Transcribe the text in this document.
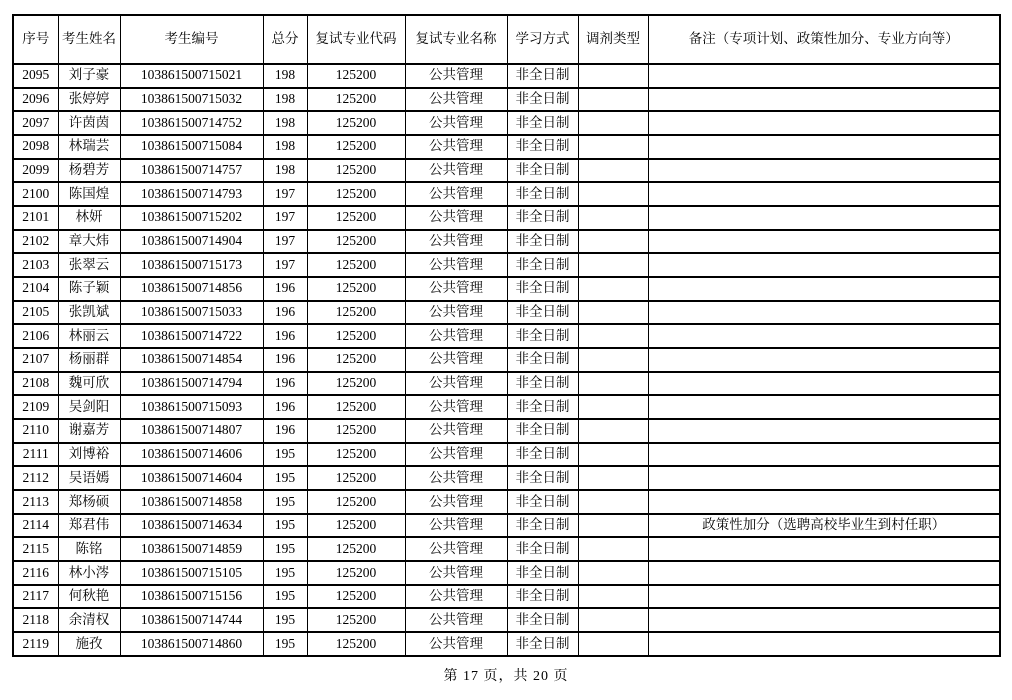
序号	考生姓名	考生编号	总分	复试专业代码	复试专业名称	学习方式	调剂类型	备注（专项计划、政策性加分、专业方向等）
2095	刘子豪	103861500715021	198	125200	公共管理	非全日制		
2096	张婷婷	103861500715032	198	125200	公共管理	非全日制		
2097	许茵茵	103861500714752	198	125200	公共管理	非全日制		
2098	林瑞芸	103861500715084	198	125200	公共管理	非全日制		
2099	杨碧芳	103861500714757	198	125200	公共管理	非全日制		
2100	陈国煌	103861500714793	197	125200	公共管理	非全日制		
2101	林妍	103861500715202	197	125200	公共管理	非全日制		
2102	章大炜	103861500714904	197	125200	公共管理	非全日制		
2103	张翠云	103861500715173	197	125200	公共管理	非全日制		
2104	陈子颖	103861500714856	196	125200	公共管理	非全日制		
2105	张凯斌	103861500715033	196	125200	公共管理	非全日制		
2106	林丽云	103861500714722	196	125200	公共管理	非全日制		
2107	杨丽群	103861500714854	196	125200	公共管理	非全日制		
2108	魏可欣	103861500714794	196	125200	公共管理	非全日制		
2109	吴剑阳	103861500715093	196	125200	公共管理	非全日制		
2110	谢嘉芳	103861500714807	196	125200	公共管理	非全日制		
2111	刘博裕	103861500714606	195	125200	公共管理	非全日制		
2112	吴语嫣	103861500714604	195	125200	公共管理	非全日制		
2113	郑杨硕	103861500714858	195	125200	公共管理	非全日制		
2114	郑君伟	103861500714634	195	125200	公共管理	非全日制		政策性加分（选聘高校毕业生到村任职）
2115	陈铭	103861500714859	195	125200	公共管理	非全日制		
2116	林小涔	103861500715105	195	125200	公共管理	非全日制		
2117	何秋艳	103861500715156	195	125200	公共管理	非全日制		
2118	余清权	103861500714744	195	125200	公共管理	非全日制		
2119	施孜	103861500714860	195	125200	公共管理	非全日制		
第 17 页，共 20 页
